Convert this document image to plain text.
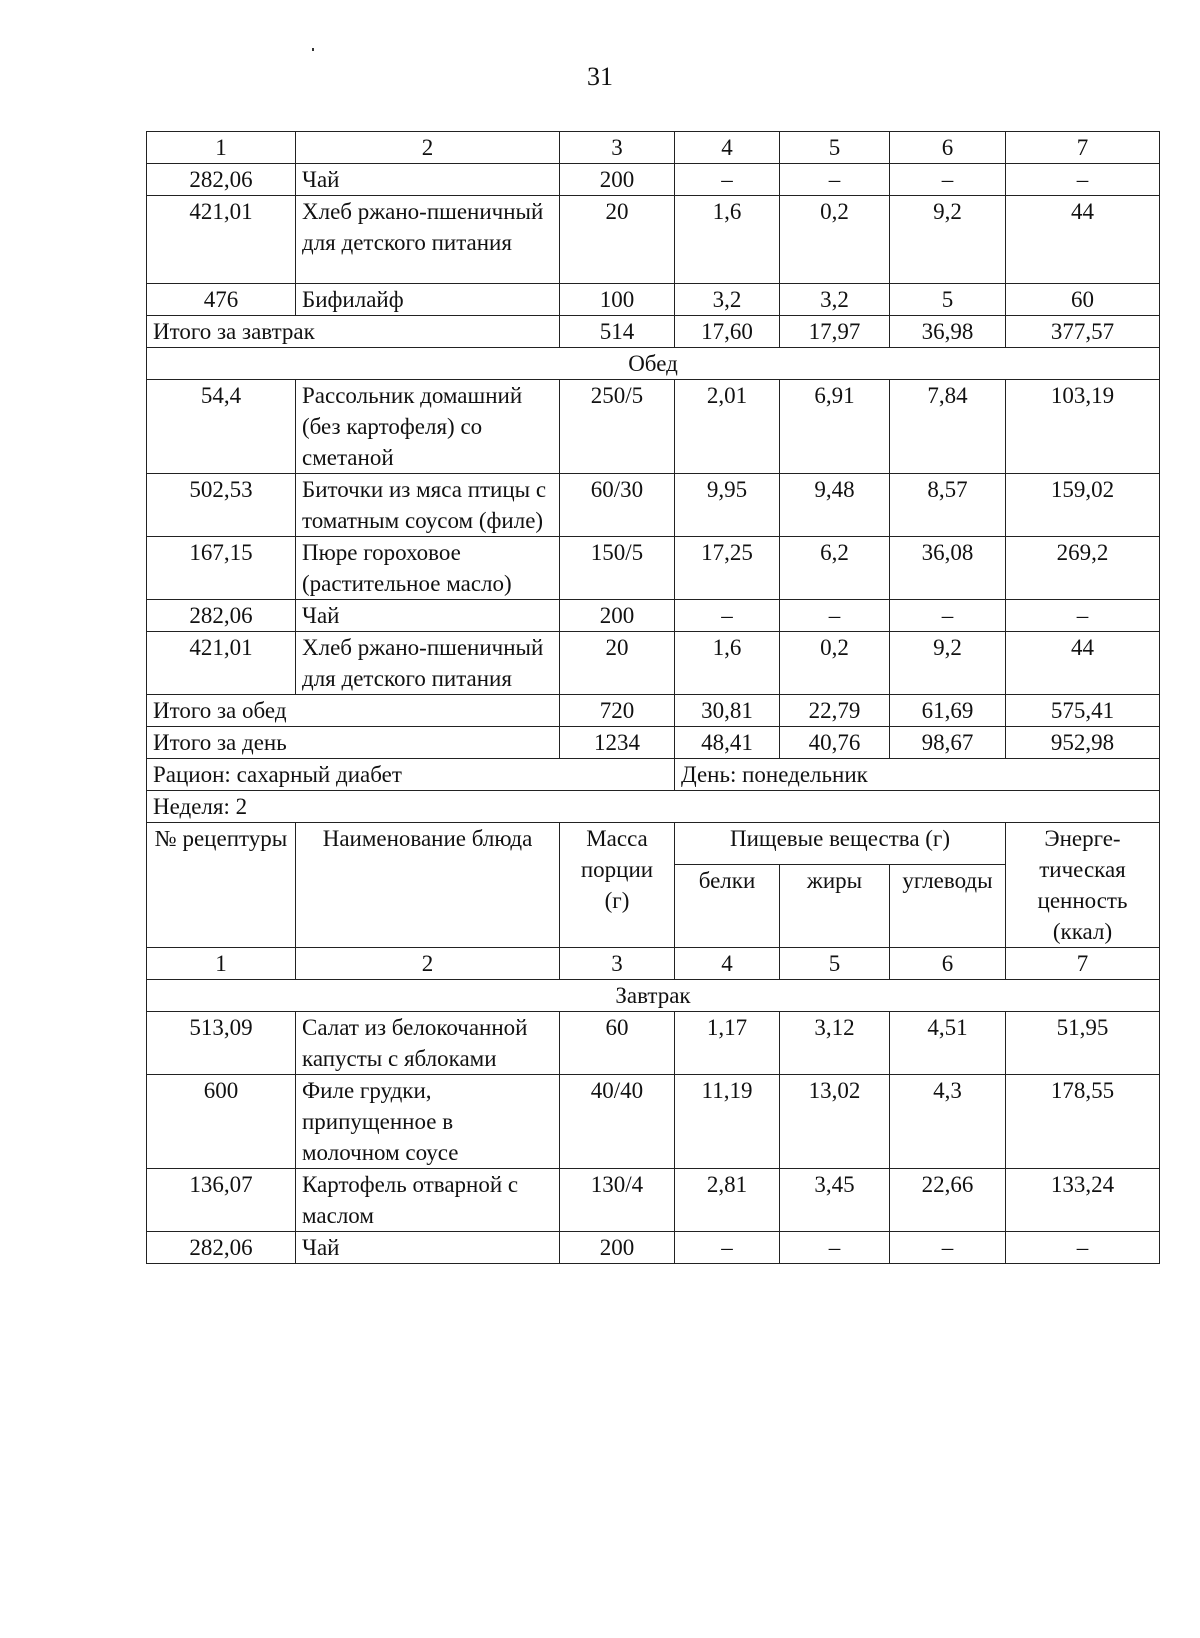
31
1	2	3	4	5	6	7
282,06	Чай	200	–	–	–	–
421,01	Хлеб ржано-пшеничный для детского питания	20	1,6	0,2	9,2	44
476	Бифилайф	100	3,2	3,2	5	60
Итого за завтрак		514	17,60	17,97	36,98	377,57
Обед						
54,4	Рассольник домашний (без картофеля) со сметаной	250/5	2,01	6,91	7,84	103,19
502,53	Биточки из мяса птицы с томатным соусом (филе)	60/30	9,95	9,48	8,57	159,02
167,15	Пюре гороховое (растительное масло)	150/5	17,25	6,2	36,08	269,2
282,06	Чай	200	–	–	–	–
421,01	Хлеб ржано-пшеничный для детского питания	20	1,6	0,2	9,2	44
Итого за обед		720	30,81	22,79	61,69	575,41
Итого за день		1234	48,41	40,76	98,67	952,98
Рацион: сахарный диабет			День: понедельник			
Неделя: 2						
№ рецептуры	Наименование блюда	Масса порции (г)	Пищевые вещества (г)			Энерге-тическая ценность (ккал)
			белки	жиры	углеводы	
1	2	3	4	5	6	7
Завтрак						
513,09	Салат из белокочанной капусты с яблоками	60	1,17	3,12	4,51	51,95
600	Филе грудки, припущенное в молочном соусе	40/40	11,19	13,02	4,3	178,55
136,07	Картофель отварной с маслом	130/4	2,81	3,45	22,66	133,24
282,06	Чай	200	–	–	–	–
